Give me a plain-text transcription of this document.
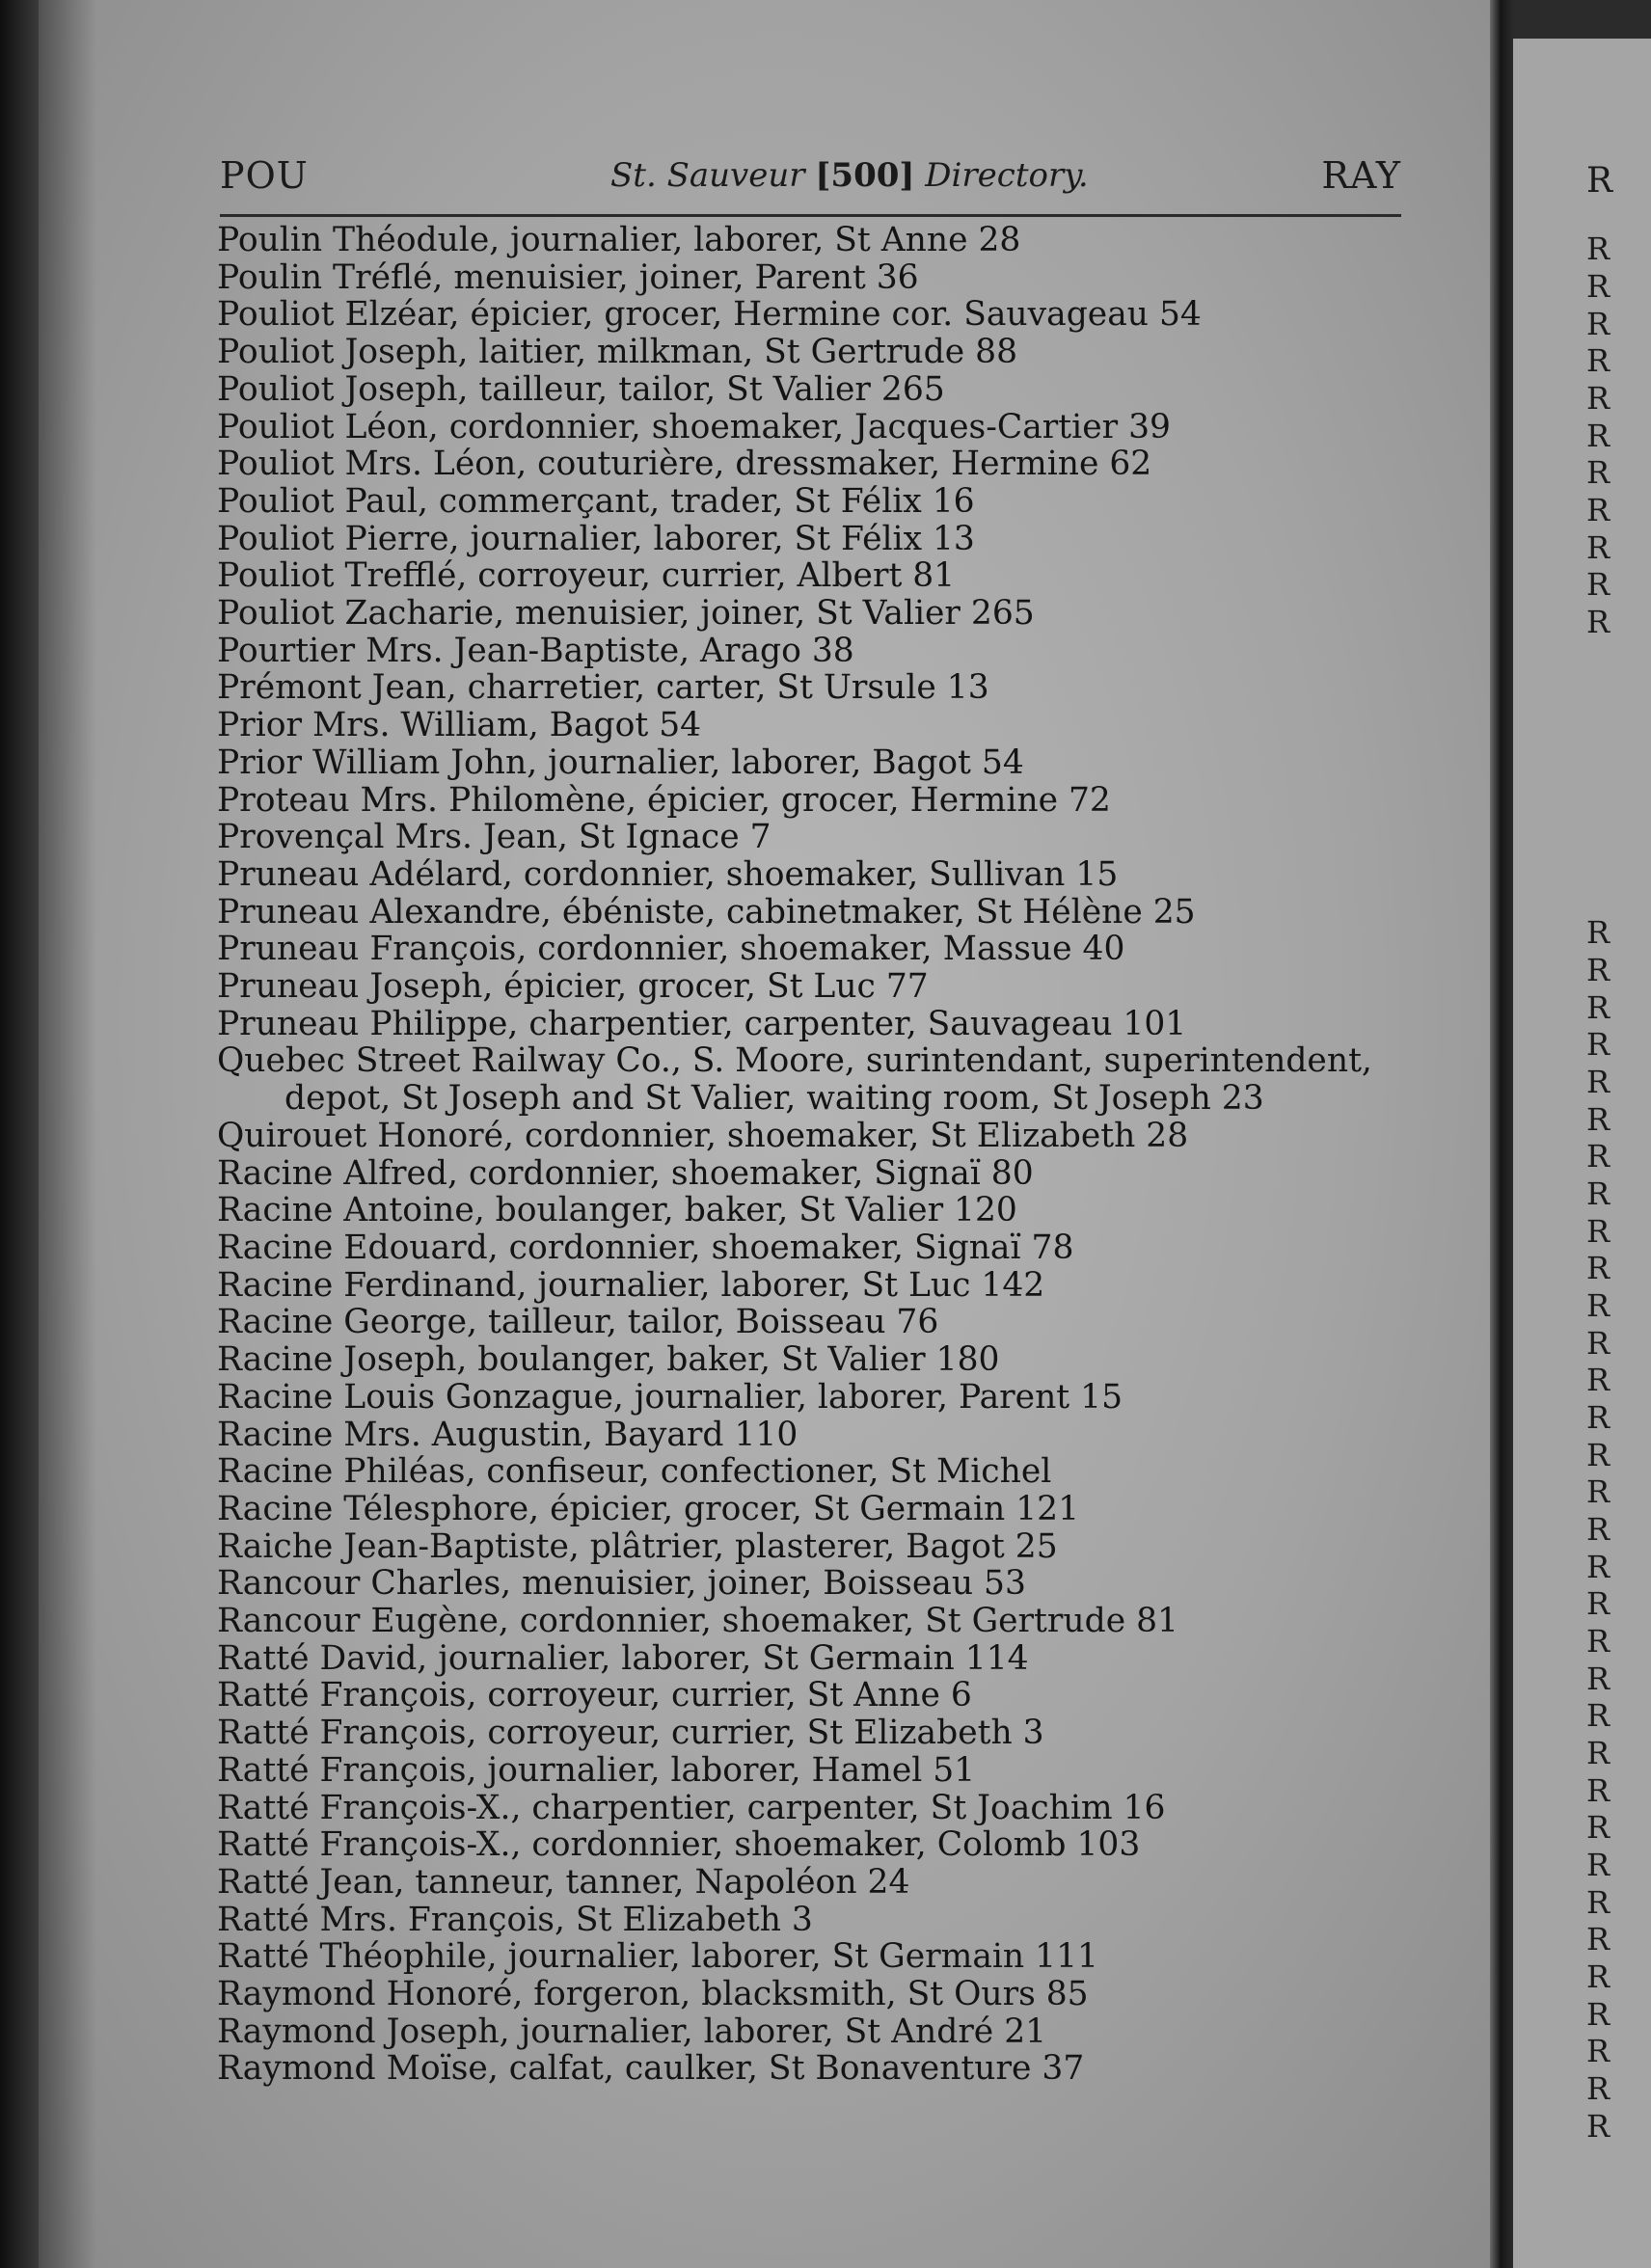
POU	St. Sauveur [500] Directory.	RAY
Poulin Théodule, journalier, laborer, St Anne 28
Poulin Tréflé, menuisier, joiner, Parent 36
Pouliot Elzéar, épicier, grocer, Hermine cor. Sauvageau 54
Pouliot Joseph, laitier, milkman, St Gertrude 88
Pouliot Joseph, tailleur, tailor, St Valier 265
Pouliot Léon, cordonnier, shoemaker, Jacques-Cartier 39
Pouliot Mrs. Léon, couturière, dressmaker, Hermine 62
Pouliot Paul, commerçant, trader, St Félix 16
Pouliot Pierre, journalier, laborer, St Félix 13
Pouliot Trefflé, corroyeur, currier, Albert 81
Pouliot Zacharie, menuisier, joiner, St Valier 265
Pourtier Mrs. Jean-Baptiste, Arago 38
Prémont Jean, charretier, carter, St Ursule 13
Prior Mrs. William, Bagot 54
Prior William John, journalier, laborer, Bagot 54
Proteau Mrs. Philomène, épicier, grocer, Hermine 72
Provençal Mrs. Jean, St Ignace 7
Pruneau Adélard, cordonnier, shoemaker, Sullivan 15
Pruneau Alexandre, ébéniste, cabinetmaker, St Hélène 25
Pruneau François, cordonnier, shoemaker, Massue 40
Pruneau Joseph, épicier, grocer, St Luc 77
Pruneau Philippe, charpentier, carpenter, Sauvageau 101
Quebec Street Railway Co., S. Moore, surintendant, superintendent,
depot, St Joseph and St Valier, waiting room, St Joseph 23
Quirouet Honoré, cordonnier, shoemaker, St Elizabeth 28
Racine Alfred, cordonnier, shoemaker, Signaï 80
Racine Antoine, boulanger, baker, St Valier 120
Racine Edouard, cordonnier, shoemaker, Signaï 78
Racine Ferdinand, journalier, laborer, St Luc 142
Racine George, tailleur, tailor, Boisseau 76
Racine Joseph, boulanger, baker, St Valier 180
Racine Louis Gonzague, journalier, laborer, Parent 15
Racine Mrs. Augustin, Bayard 110
Racine Philéas, confiseur, confectioner, St Michel
Racine Télesphore, épicier, grocer, St Germain 121
Raiche Jean-Baptiste, plâtrier, plasterer, Bagot 25
Rancour Charles, menuisier, joiner, Boisseau 53
Rancour Eugène, cordonnier, shoemaker, St Gertrude 81
Ratté David, journalier, laborer, St Germain 114
Ratté François, corroyeur, currier, St Anne 6
Ratté François, corroyeur, currier, St Elizabeth 3
Ratté François, journalier, laborer, Hamel 51
Ratté François-X., charpentier, carpenter, St Joachim 16
Ratté François-X., cordonnier, shoemaker, Colomb 103
Ratté Jean, tanneur, tanner, Napoléon 24
Ratté Mrs. François, St Elizabeth 3
Ratté Théophile, journalier, laborer, St Germain 111
Raymond Honoré, forgeron, blacksmith, St Ours 85
Raymond Joseph, journalier, laborer, St André 21
Raymond Moïse, calfat, caulker, St Bonaventure 37
R
R
R
R
R
R
R
R
R
R
R
R
R
R
R
R
R
R
R
R
R
R
R
R
R
R
R
R
R
R
R
R
R
R
R
R
R
R
R
R
R
R
R
R
R
